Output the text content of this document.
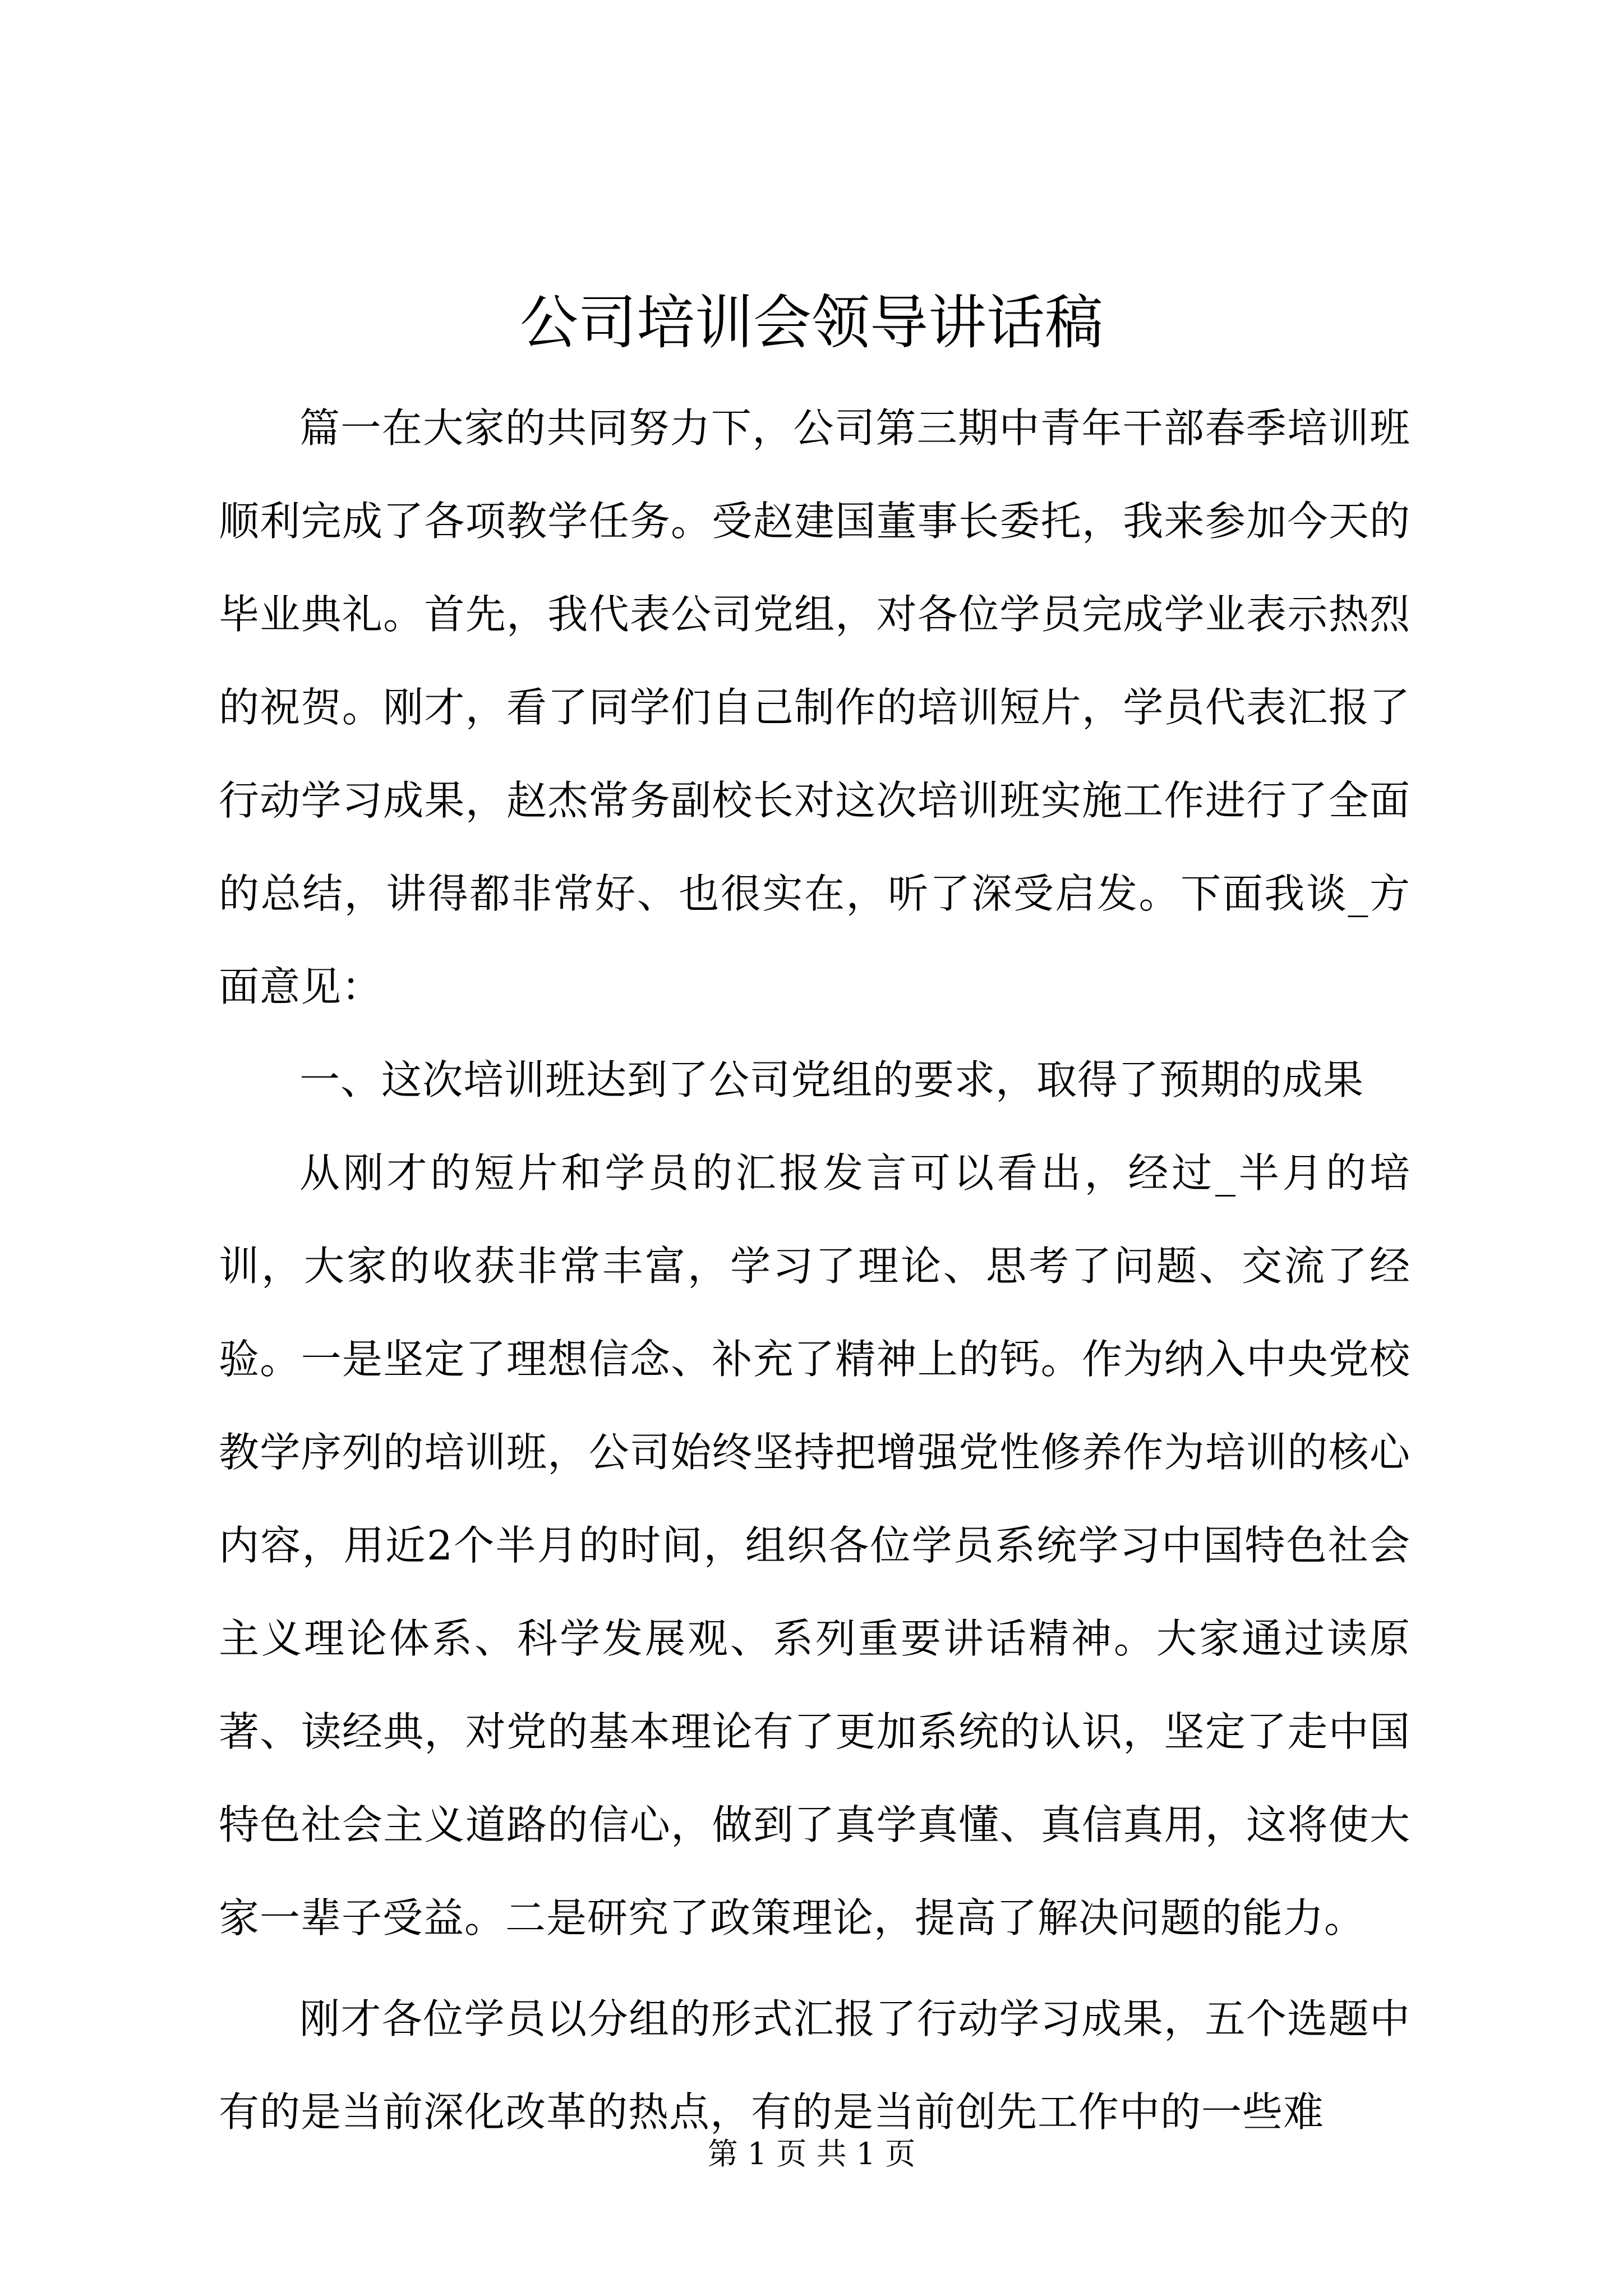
公司培训会领导讲话稿

篇一在大家的共同努力下，公司第三期中青年干部春季培训班顺利完成了各项教学任务。受赵建国董事长委托，我来参加今天的毕业典礼。首先，我代表公司党组，对各位学员完成学业表示热烈的祝贺。刚才，看了同学们自己制作的培训短片，学员代表汇报了行动学习成果，赵杰常务副校长对这次培训班实施工作进行了全面的总结，讲得都非常好、也很实在，听了深受启发。下面我谈_方面意见：

一、这次培训班达到了公司党组的要求，取得了预期的成果

从刚才的短片和学员的汇报发言可以看出，经过_半月的培训，大家的收获非常丰富，学习了理论、思考了问题、交流了经验。一是坚定了理想信念、补充了精神上的钙。作为纳入中央党校教学序列的培训班，公司始终坚持把增强党性修养作为培训的核心内容，用近2个半月的时间，组织各位学员系统学习中国特色社会主义理论体系、科学发展观、系列重要讲话精神。大家通过读原著、读经典，对党的基本理论有了更加系统的认识，坚定了走中国特色社会主义道路的信心，做到了真学真懂、真信真用，这将使大家一辈子受益。二是研究了政策理论，提高了解决问题的能力。

刚才各位学员以分组的形式汇报了行动学习成果，五个选题中有的是当前深化改革的热点，有的是当前创先工作中的一些难

第 1 页 共 1 页
